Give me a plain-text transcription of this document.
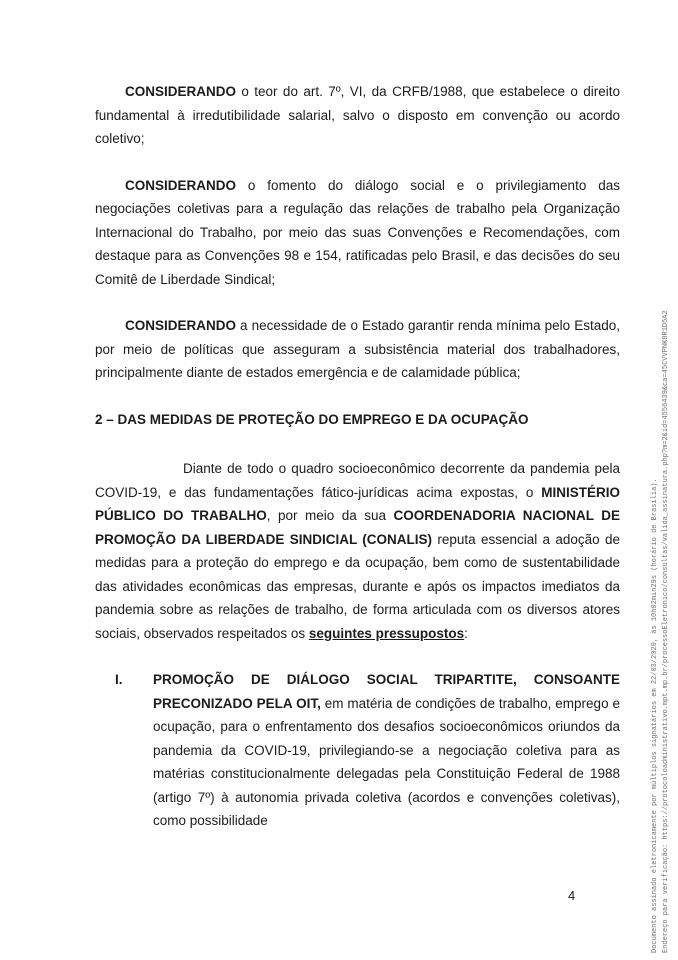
CONSIDERANDO o teor do art. 7º, VI, da CRFB/1988, que estabelece o direito fundamental à irredutibilidade salarial, salvo o disposto em convenção ou acordo coletivo;

CONSIDERANDO o fomento do diálogo social e o privilegiamento das negociações coletivas para a regulação das relações de trabalho pela Organização Internacional do Trabalho, por meio das suas Convenções e Recomendações, com destaque para as Convenções 98 e 154, ratificadas pelo Brasil, e das decisões do seu Comitê de Liberdade Sindical;

CONSIDERANDO a necessidade de o Estado garantir renda mínima pelo Estado, por meio de políticas que asseguram a subsistência material dos trabalhadores, principalmente diante de estados emergência e de calamidade pública;

2 – DAS MEDIDAS DE PROTEÇÃO DO EMPREGO E DA OCUPAÇÃO

Diante de todo o quadro socioeconômico decorrente da pandemia pela COVID-19, e das fundamentações fático-jurídicas acima expostas, o MINISTÉRIO PÚBLICO DO TRABALHO, por meio da sua COORDENADORIA NACIONAL DE PROMOÇÃO DA LIBERDADE SINDICIAL (CONALIS) reputa essencial a adoção de medidas para a proteção do emprego e da ocupação, bem como de sustentabilidade das atividades econômicas das empresas, durante e após os impactos imediatos da pandemia sobre as relações de trabalho, de forma articulada com os diversos atores sociais, observados respeitados os seguintes pressupostos:

I.	PROMOÇÃO DE DIÁLOGO SOCIAL TRIPARTITE, CONSOANTE PRECONIZADO PELA OIT, em matéria de condições de trabalho, emprego e ocupação, para o enfrentamento dos desafios socioeconômicos oriundos da pandemia da COVID-19, privilegiando-se a negociação coletiva para as matérias constitucionalmente delegadas pela Constituição Federal de 1988 (artigo 7º) à autonomia privada coletiva (acordos e convenções coletivas), como possibilidade

4	Documento assinado eletronicamente por múltiplos signatários em 22/03/2020, às 10h02min29s (horário de Brasília). Endereço para verificação: https://protocoloadministrativo.mpt.mp.br/processoEletronico/consultas/valida_assinatura.php?m=2&id=4556439&ca=45CVVPNK8R1D5A2
